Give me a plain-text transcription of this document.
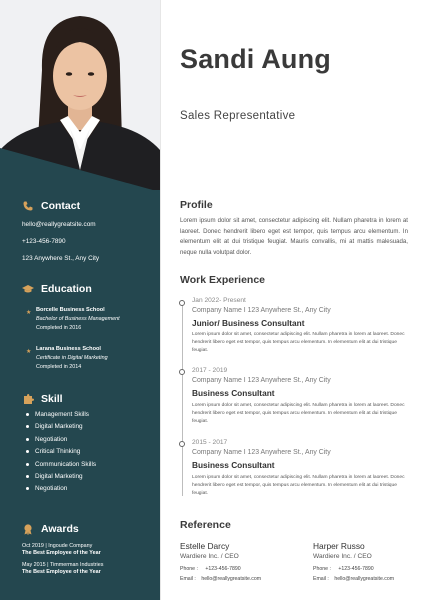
Contact
hello@reallygreatsite.com
+123-456-7890
123 Anywhere St., Any City
Education
★ Borcelle Business School
Bachelor of Business Management
Completed in 2016
★ Larana Business School
Certificate in Digital Marketing
Completed in 2014
Skill
Management Skills
Digital Marketing
Negotiation
Critical Thinking
Communication Skills
Digital Marketing
Negotiation
Awards
Oct 2019 | Ingoude Company
The Best Employee of the Year
May 2015 | Timmerman Industries
The Best Employee of the Year
Sandi Aung
Sales Representative
Profile
Lorem ipsum dolor sit amet, consectetur adipiscing elit. Nullam pharetra in lorem at laoreet. Donec hendrerit libero eget est tempor, quis tempus arcu elementum. In elementum elit at dui tristique feugiat. Mauris convallis, mi at mattis malesuada, neque nulla volutpat dolor.
Work Experience
Jan 2022- Present
Company Name I 123 Anywhere St., Any City
Junior/ Business Consultant
Lorem ipsum dolor sit amet, consectetur adipiscing elit. Nullam pharetra in lorem at laoreet. Donec hendrerit libero eget est tempor, quis tempus arcu elementum. In elementum elit at dui tristique feugiat.
2017 - 2019
Company Name I 123 Anywhere St., Any City
Business Consultant
Lorem ipsum dolor sit amet, consectetur adipiscing elit. Nullam pharetra in lorem at laoreet. Donec hendrerit libero eget est tempor, quis tempus arcu elementum. In elementum elit at dui tristique feugiat.
2015 - 2017
Company Name I 123 Anywhere St., Any City
Business Consultant
Lorem ipsum dolor sit amet, consectetur adipiscing elit. Nullam pharetra in lorem at laoreet. Donec hendrerit libero eget est tempor, quis tempus arcu elementum. In elementum elit at dui tristique feugiat.
Reference
Estelle Darcy
Wardiere Inc. / CEO
Phone : +123-456-7890
Email : hello@reallygreatsite.com
Harper Russo
Wardiere Inc. / CEO
Phone : +123-456-7890
Email : hello@reallygreatsite.com
